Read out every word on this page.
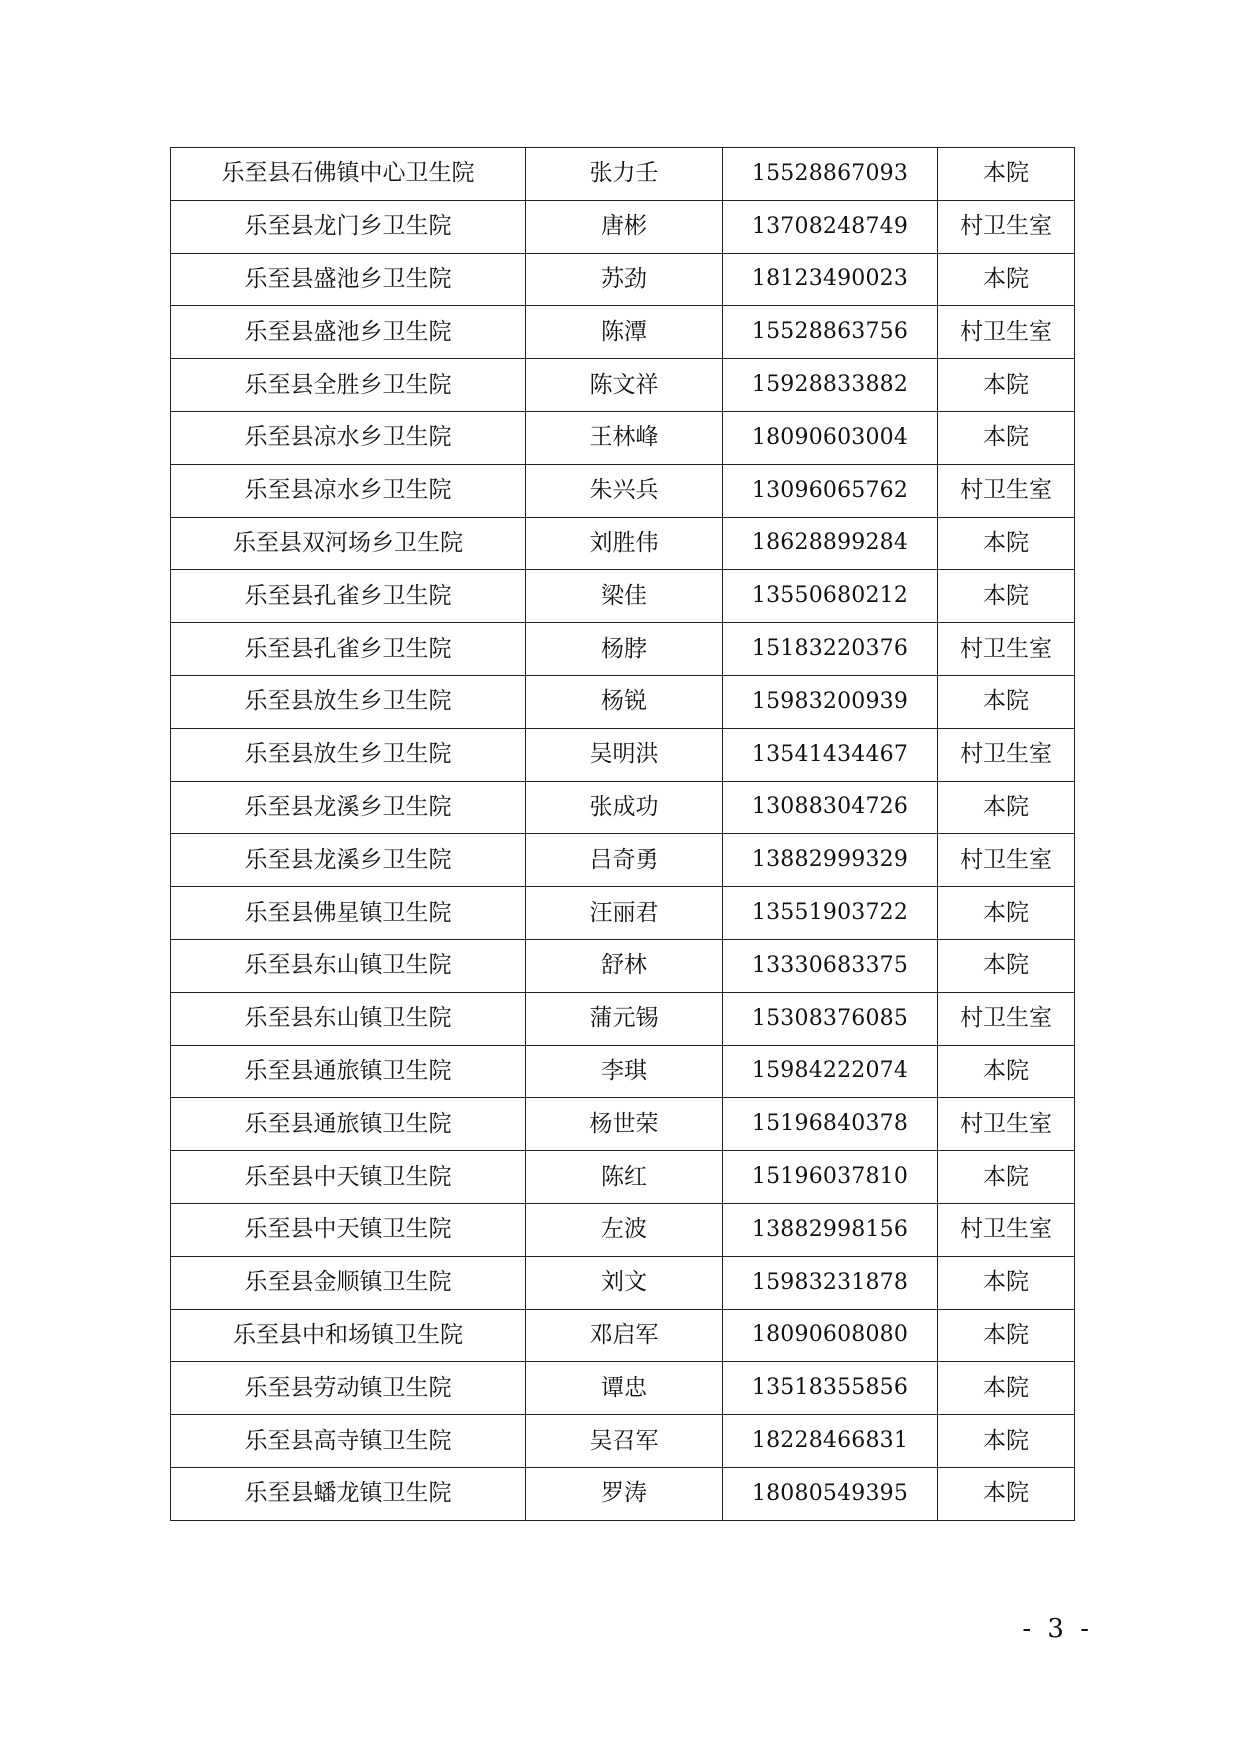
乐至县石佛镇中心卫生院	张力壬	15528867093	本院
乐至县龙门乡卫生院	唐彬	13708248749	村卫生室
乐至县盛池乡卫生院	苏劲	18123490023	本院
乐至县盛池乡卫生院	陈潭	15528863756	村卫生室
乐至县全胜乡卫生院	陈文祥	15928833882	本院
乐至县凉水乡卫生院	王林峰	18090603004	本院
乐至县凉水乡卫生院	朱兴兵	13096065762	村卫生室
乐至县双河场乡卫生院	刘胜伟	18628899284	本院
乐至县孔雀乡卫生院	梁佳	13550680212	本院
乐至县孔雀乡卫生院	杨脖	15183220376	村卫生室
乐至县放生乡卫生院	杨锐	15983200939	本院
乐至县放生乡卫生院	吴明洪	13541434467	村卫生室
乐至县龙溪乡卫生院	张成功	13088304726	本院
乐至县龙溪乡卫生院	吕奇勇	13882999329	村卫生室
乐至县佛星镇卫生院	汪丽君	13551903722	本院
乐至县东山镇卫生院	舒林	13330683375	本院
乐至县东山镇卫生院	蒲元锡	15308376085	村卫生室
乐至县通旅镇卫生院	李琪	15984222074	本院
乐至县通旅镇卫生院	杨世荣	15196840378	村卫生室
乐至县中天镇卫生院	陈红	15196037810	本院
乐至县中天镇卫生院	左波	13882998156	村卫生室
乐至县金顺镇卫生院	刘文	15983231878	本院
乐至县中和场镇卫生院	邓启军	18090608080	本院
乐至县劳动镇卫生院	谭忠	13518355856	本院
乐至县高寺镇卫生院	吴召军	18228466831	本院
乐至县蟠龙镇卫生院	罗涛	18080549395	本院
- 3 -
